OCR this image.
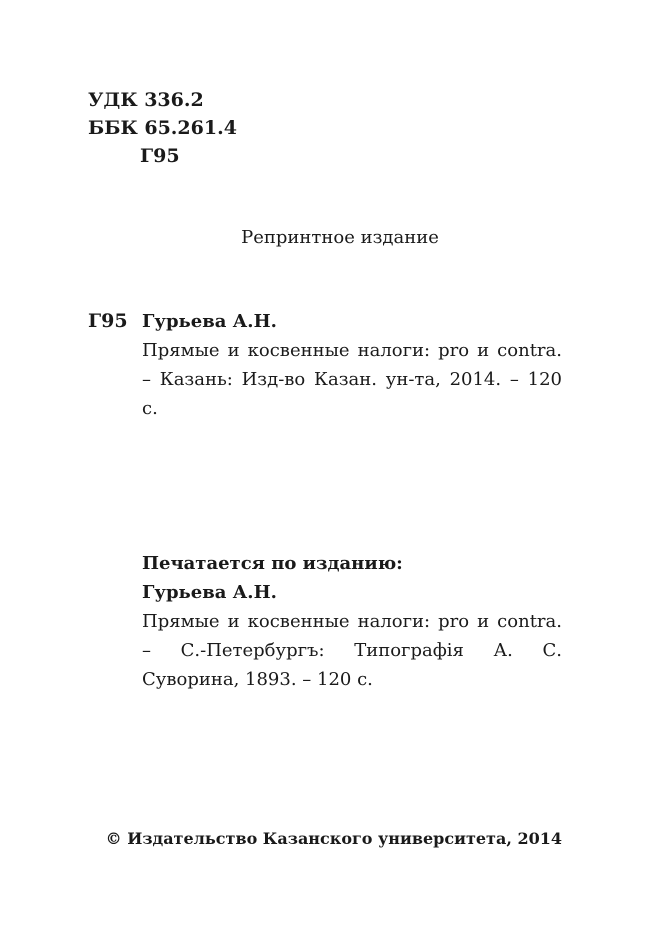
УДК 336.2
ББК 65.261.4
Г95
Репринтное издание
Г95 Гурьева А.Н.
Прямые и косвенные налоги: pro и contra. – Казань: Изд-во Казан. ун-та, 2014. – 120 с.
Печатается по изданию:
Гурьева А.Н.
Прямые и косвенные налоги: pro и contra. – С.-Петербургъ: Типографія А. С. Суворина, 1893. – 120 с.
© Издательство Казанского университета, 2014
